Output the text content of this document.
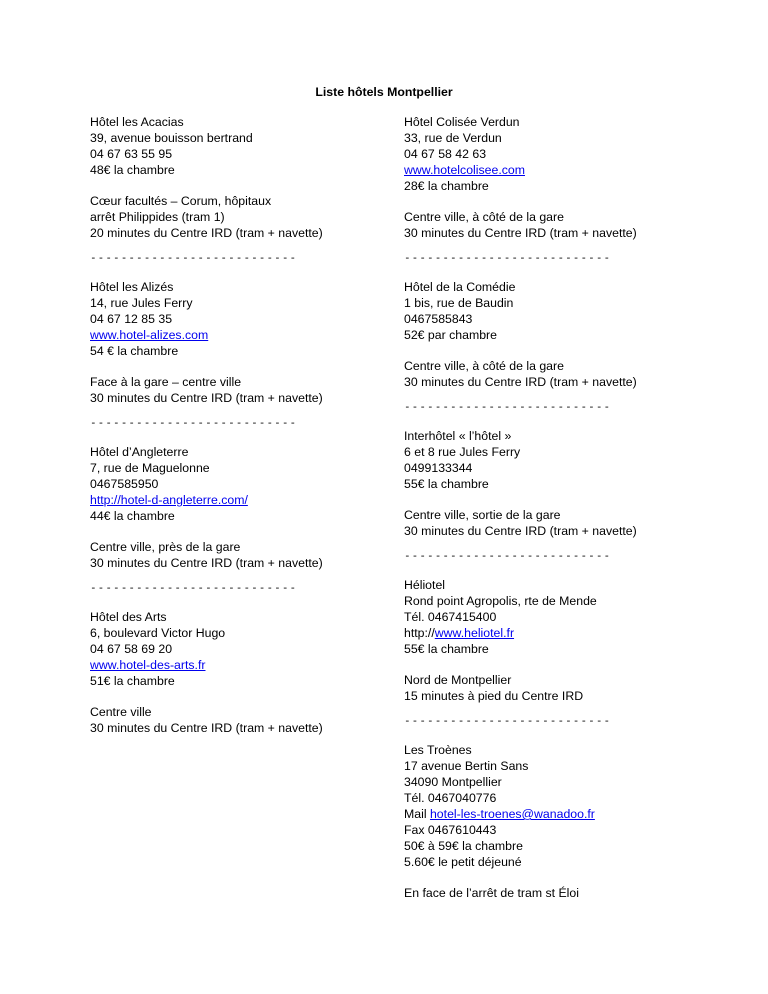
Liste hôtels Montpellier
Hôtel les Acacias
39, avenue bouisson bertrand
04 67 63 55 95
48€ la chambre
Cœur facultés – Corum, hôpitaux
arrêt Philippides (tram 1)
20 minutes du Centre IRD (tram + navette)
---------------------------
Hôtel les Alizés
14, rue Jules Ferry
04 67 12 85 35
www.hotel-alizes.com
54 € la chambre
Face à la gare – centre ville
30 minutes du Centre IRD (tram + navette)
---------------------------
Hôtel d’Angleterre
7, rue de Maguelonne
0467585950
http://hotel-d-angleterre.com/
44€ la chambre
Centre ville, près de la gare
30 minutes du Centre IRD (tram + navette)
---------------------------
Hôtel des Arts
6, boulevard Victor Hugo
04 67 58 69 20
www.hotel-des-arts.fr
51€ la chambre
Centre ville
30 minutes du Centre IRD (tram + navette)
Hôtel Colisée Verdun
33, rue de Verdun
04 67 58 42 63
www.hotelcolisee.com
28€ la chambre
Centre ville, à côté de la gare
30 minutes du Centre IRD (tram + navette)
---------------------------
Hôtel de la Comédie
1 bis, rue de Baudin
0467585843
52€ par chambre
Centre ville, à côté de la gare
30 minutes du Centre IRD (tram + navette)
---------------------------
Interhôtel « l’hôtel »
6 et 8 rue Jules Ferry
0499133344
55€ la chambre
Centre ville, sortie de la gare
30 minutes du Centre IRD (tram + navette)
---------------------------
Héliotel
Rond point Agropolis, rte de Mende
Tél. 0467415400
http://www.heliotel.fr
55€ la chambre
Nord de Montpellier
15 minutes à pied du Centre IRD
---------------------------
Les Troènes
17 avenue Bertin Sans
34090 Montpellier
Tél. 0467040776
Mail hotel-les-troenes@wanadoo.fr
Fax 0467610443
50€ à 59€ la chambre
5.60€ le petit déjeuné
En face de l’arrêt de tram st Éloi
